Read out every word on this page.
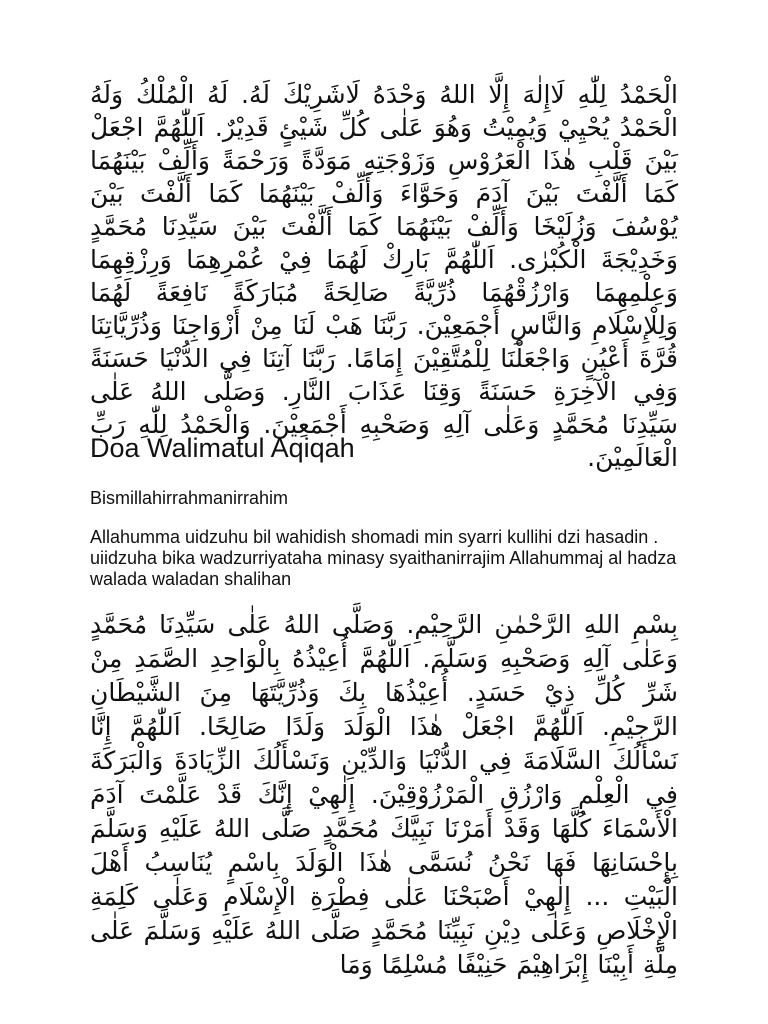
الْحَمْدُ لِلّٰهِ لَاإِلٰهَ إِلَّا اللهُ وَحْدَهُ لَاشَرِيْكَ لَهُ. لَهُ الْمُلْكُ وَلَهُ الْحَمْدُ يُحْيِيْ وَيُمِيْتُ وَهُوَ عَلٰى كُلِّ شَيْئٍ قَدِيْرٌ. اَللّٰهُمَّ اجْعَلْ بَيْنَ قَلْبِ هٰذَا الْعَرُوْسِ وَزَوْجَتِهِ مَوَدَّةً وَرَحْمَةً وَأَلِّفْ بَيْنَهُمَا كَمَا أَلَّفْتَ بَيْنَ آدَمَ وَحَوَّاءَ وَأَلِّفْ بَيْنَهُمَا كَمَا أَلَّفْتَ بَيْنَ يُوْسُفَ وَزُلَيْخَا وَأَلِّفْ بَيْنَهُمَا كَمَا أَلَّفْتَ بَيْنَ سَيِّدِنَا مُحَمَّدٍ وَخَدِيْجَةَ الْكُبْرٰى. اَللّٰهُمَّ بَارِكْ لَهُمَا فِيْ عُمْرِهِمَا وَرِزْقِهِمَا وَعِلْمِهِمَا وَارْزُقْهُمَا ذُرِّيَّةً صَالِحَةً مُبَارَكَةً نَافِعَةً لَهُمَا وَلِلْإِسْلَامِ وَالنَّاسِ أَجْمَعِيْنَ. رَبَّنَا هَبْ لَنَا مِنْ أَزْوَاجِنَا وَذُرِّيَّاتِنَا قُرَّةَ أَعْيُنٍ وَاجْعَلْنَا لِلْمُتَّقِيْنَ إِمَامًا. رَبَّنَا آتِنَا فِي الدُّنْيَا حَسَنَةً وَفِي الْآخِرَةِ حَسَنَةً وَقِنَا عَذَابَ النَّارِ. وَصَلَّى اللهُ عَلٰى سَيِّدِنَا مُحَمَّدٍ وَعَلٰى آلِهِ وَصَحْبِهِ أَجْمَعِيْنَ. وَالْحَمْدُ لِلّٰهِ رَبِّ الْعَالَمِيْنَ.

Doa Walimatul Aqiqah

Bismillahirrahmanirrahim

Allahumma uidzuhu bil wahidish shomadi min syarri kullihi dzi hasadin . uiidzuha bika wadzurriyataha minasy syaithanirrajim Allahummaj al hadza walada waladan shalihan

بِسْمِ اللهِ الرَّحْمٰنِ الرَّحِيْمِ. وَصَلَّى اللهُ عَلٰى سَيِّدِنَا مُحَمَّدٍ وَعَلٰى آلِهِ وَصَحْبِهِ وَسَلَّمَ. اَللّٰهُمَّ أُعِيْذُهُ بِالْوَاحِدِ الصَّمَدِ مِنْ شَرِّ كُلِّ ذِيْ حَسَدٍ. أُعِيْذُهَا بِكَ وَذُرِّيَّتَهَا مِنَ الشَّيْطَانِ الرَّجِيْمِ. اَللّٰهُمَّ اجْعَلْ هٰذَا الْوَلَدَ وَلَدًا صَالِحًا. اَللّٰهُمَّ إِنَّا نَسْأَلُكَ السَّلَامَةَ فِي الدُّنْيَا وَالدِّيْنِ وَنَسْأَلُكَ الزِّيَادَةَ وَالْبَرَكَةَ فِي الْعِلْمِ وَارْزُقِ الْمَرْزُوْقِيْنَ. إِلٰهِيْ إِنَّكَ قَدْ عَلَّمْتَ آدَمَ الْأَسْمَاءَ كُلَّهَا وَقَدْ أَمَرْنَا نَبِيَّكَ مُحَمَّدٍ صَلَّى اللهُ عَلَيْهِ وَسَلَّمَ بِإِحْسَانِهَا فَهَا نَحْنُ نُسَمَّى هٰذَا الْوَلَدَ بِاسْمٍ يُنَاسِبُ أَهْلَ الْبَيْتِ ... إِلٰهِيْ أَصْبَحْنَا عَلٰى فِطْرَةِ الْإِسْلَامِ وَعَلٰى كَلِمَةِ الْإِخْلَاصِ وَعَلٰى دِيْنِ نَبِيِّنَا مُحَمَّدٍ صَلَّى اللهُ عَلَيْهِ وَسَلَّمَ عَلٰى مِلَّةِ أَبِيْنَا إِبْرَاهِيْمَ حَنِيْفًا مُسْلِمًا وَمَا
